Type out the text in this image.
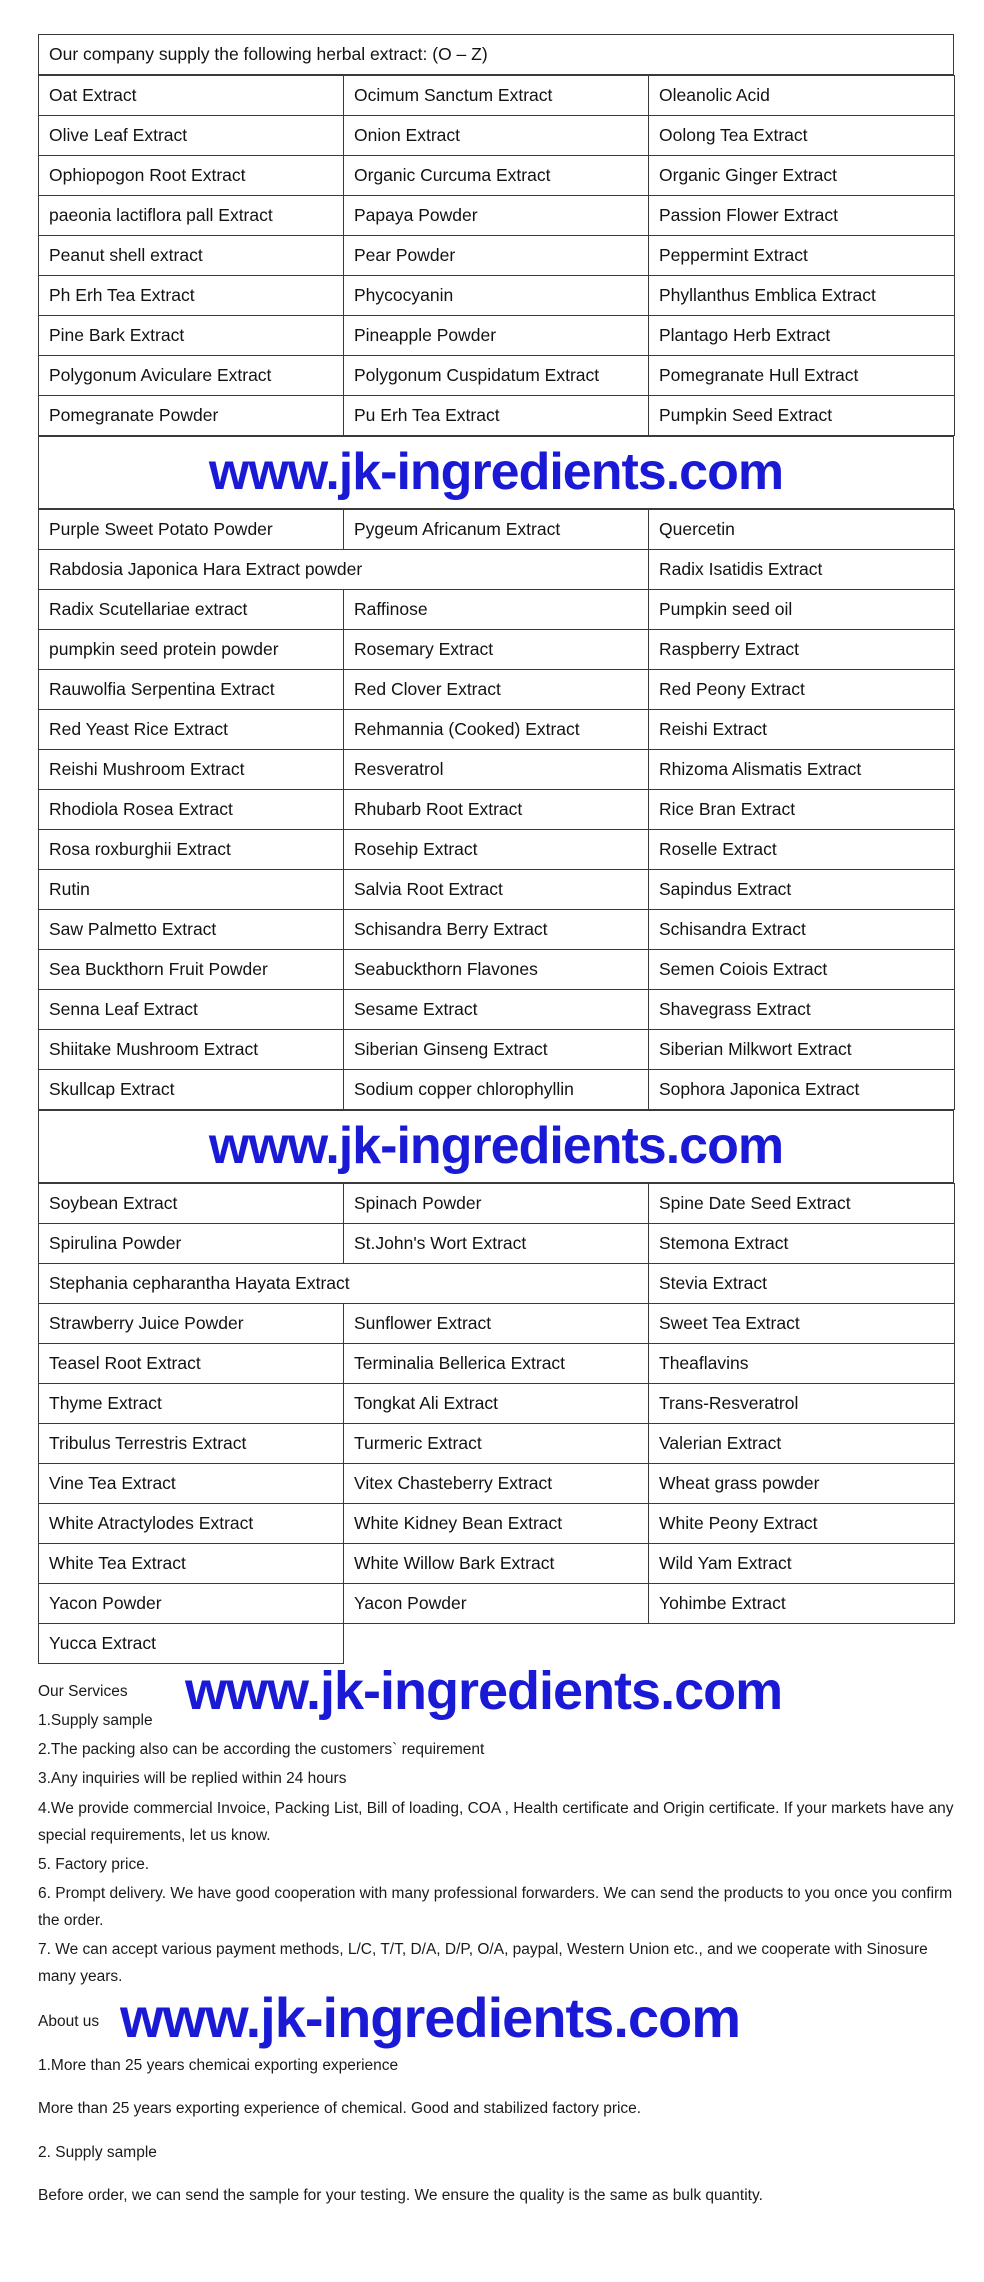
Our company supply the following herbal extract: (O – Z)
Oat Extract	Ocimum Sanctum Extract	Oleanolic Acid
Olive Leaf Extract	Onion Extract	Oolong Tea Extract
Ophiopogon Root Extract	Organic Curcuma Extract	Organic Ginger Extract
paeonia lactiflora pall Extract	Papaya Powder	Passion Flower Extract
Peanut shell extract	Pear Powder	Peppermint Extract
Ph Erh Tea Extract	Phycocyanin	Phyllanthus Emblica Extract
Pine Bark Extract	Pineapple Powder	Plantago Herb Extract
Polygonum Aviculare Extract	Polygonum Cuspidatum Extract	Pomegranate Hull Extract
Pomegranate Powder	Pu Erh Tea Extract	Pumpkin Seed Extract
www.jk-ingredients.com
Purple Sweet Potato Powder	Pygeum Africanum Extract	Quercetin
Rabdosia Japonica Hara Extract powder		Radix Isatidis Extract
Radix Scutellariae extract	Raffinose	Pumpkin seed oil
pumpkin seed protein powder	Rosemary Extract	Raspberry Extract
Rauwolfia Serpentina Extract	Red Clover Extract	Red Peony Extract
Red Yeast Rice Extract	Rehmannia (Cooked) Extract	Reishi Extract
Reishi Mushroom Extract	Resveratrol	Rhizoma Alismatis Extract
Rhodiola Rosea Extract	Rhubarb Root Extract	Rice Bran Extract
Rosa roxburghii Extract	Rosehip Extract	Roselle Extract
Rutin	Salvia Root Extract	Sapindus Extract
Saw Palmetto Extract	Schisandra Berry Extract	Schisandra Extract
Sea Buckthorn Fruit Powder	Seabuckthorn Flavones	Semen Coiois Extract
Senna Leaf Extract	Sesame Extract	Shavegrass Extract
Shiitake Mushroom Extract	Siberian Ginseng Extract	Siberian Milkwort Extract
Skullcap Extract	Sodium copper chlorophyllin	Sophora Japonica Extract
www.jk-ingredients.com
Soybean Extract	Spinach Powder	Spine Date Seed Extract
Spirulina Powder	St.John's Wort Extract	Stemona Extract
Stephania cepharantha Hayata Extract		Stevia Extract
Strawberry Juice Powder	Sunflower Extract	Sweet Tea Extract
Teasel Root Extract	Terminalia Bellerica Extract	Theaflavins
Thyme Extract	Tongkat Ali Extract	Trans-Resveratrol
Tribulus Terrestris Extract	Turmeric Extract	Valerian Extract
Vine Tea Extract	Vitex Chasteberry Extract	Wheat grass powder
White Atractylodes Extract	White Kidney Bean Extract	White Peony Extract
White Tea Extract	White Willow Bark Extract	Wild Yam Extract
Yacon Powder	Yacon Powder	Yohimbe Extract
Yucca Extract		
Our Services

1.Supply sample

2.The packing also can be according the customers` requirement

3.Any inquiries will be replied within 24 hours

4.We provide commercial Invoice, Packing List, Bill of loading, COA , Health certificate and Origin certificate. If your markets have any special requirements, let us know.

5. Factory price.

6. Prompt delivery. We have good cooperation with many professional forwarders. We can send the products to you once you confirm the order.

7. We can accept various payment methods, L/C, T/T, D/A, D/P, O/A, paypal, Western Union etc., and we cooperate with Sinosure many years.

About us

1.More than 25 years chemicai exporting experience

More than 25 years exporting experience of chemical. Good and stabilized factory price.

2. Supply sample

Before order, we can send the sample for your testing. We ensure the quality is the same as bulk quantity.

www.jk-ingredients.com
www.jk-ingredients.com
